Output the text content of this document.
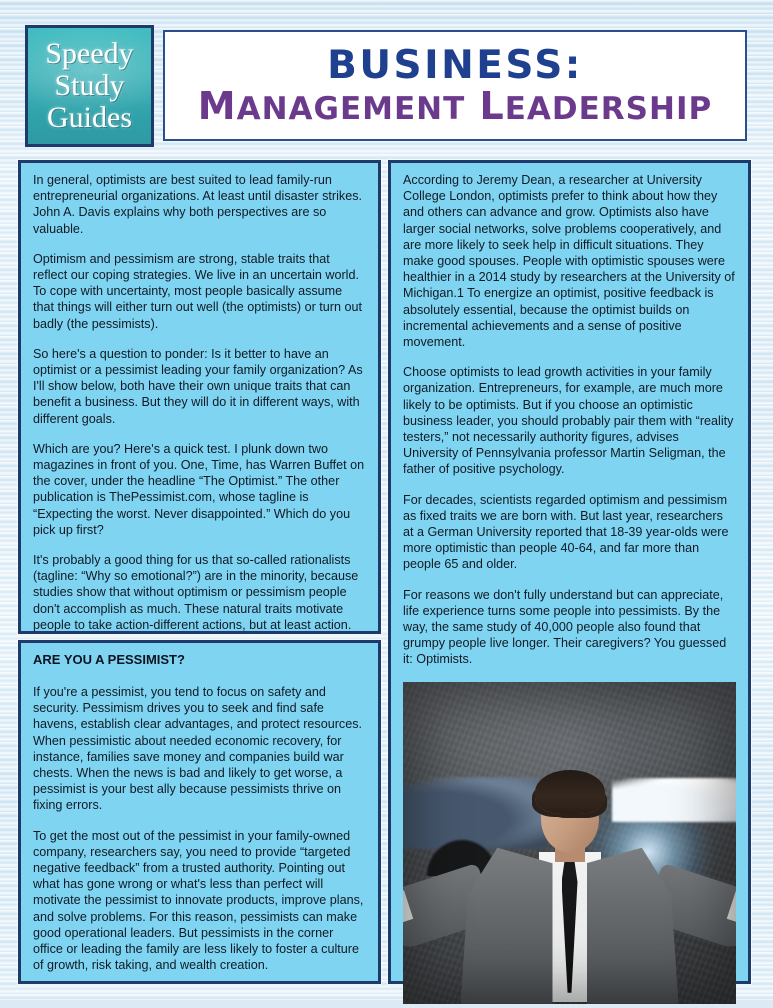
Speedy
Study
Guides
BUSINESS:
MANAGEMENT LEADERSHIP

In general, optimists are best suited to lead family-run entrepreneurial organizations. At least until disaster strikes. John A. Davis explains why both perspectives are so valuable.

Optimism and pessimism are strong, stable traits that reflect our coping strategies. We live in an uncertain world. To cope with uncertainty, most people basically assume that things will either turn out well (the optimists) or turn out badly (the pessimists).

So here's a question to ponder: Is it better to have an optimist or a pessimist leading your family organization? As I'll show below, both have their own unique traits that can benefit a business. But they will do it in different ways, with different goals.

Which are you? Here's a quick test. I plunk down two magazines in front of you. One, Time, has Warren Buffet on the cover, under the headline “The Optimist.” The other publication is ThePessimist.com, whose tagline is “Expecting the worst. Never disappointed.” Which do you pick up first?

It's probably a good thing for us that so-called rationalists (tagline: “Why so emotional?”) are in the minority, because studies show that without optimism or pessimism people don't accomplish as much. These natural traits motivate people to take action-different actions, but at least action.

ARE YOU A PESSIMIST?

If you're a pessimist, you tend to focus on safety and security. Pessimism drives you to seek and find safe havens, establish clear advantages, and protect resources. When pessimistic about needed economic recovery, for instance, families save money and companies build war chests. When the news is bad and likely to get worse, a pessimist is your best ally because pessimists thrive on fixing errors.

To get the most out of the pessimist in your family-owned company, researchers say, you need to provide “targeted negative feedback” from a trusted authority. Pointing out what has gone wrong or what's less than perfect will motivate the pessimist to innovate products, improve plans, and solve problems. For this reason, pessimists can make good operational leaders. But pessimists in the corner office or leading the family are less likely to foster a culture of growth, risk taking, and wealth creation.

According to Jeremy Dean, a researcher at University College London, optimists prefer to think about how they and others can advance and grow. Optimists also have larger social networks, solve problems cooperatively, and are more likely to seek help in difficult situations. They make good spouses. People with optimistic spouses were healthier in a 2014 study by researchers at the University of Michigan.1 To energize an optimist, positive feedback is absolutely essential, because the optimist builds on incremental achievements and a sense of positive movement.

Choose optimists to lead growth activities in your family organization. Entrepreneurs, for example, are much more likely to be optimists. But if you choose an optimistic business leader, you should probably pair them with “reality testers,” not necessarily authority figures, advises University of Pennsylvania professor Martin Seligman, the father of positive psychology.

For decades, scientists regarded optimism and pessimism as fixed traits we are born with. But last year, researchers at a German University reported that 18-39 year-olds were more optimistic than people 40-64, and far more than people 65 and older.

For reasons we don't fully understand but can appreciate, life experience turns some people into pessimists. By the way, the same study of 40,000 people also found that grumpy people live longer. Their caregivers? You guessed it: Optimists.
